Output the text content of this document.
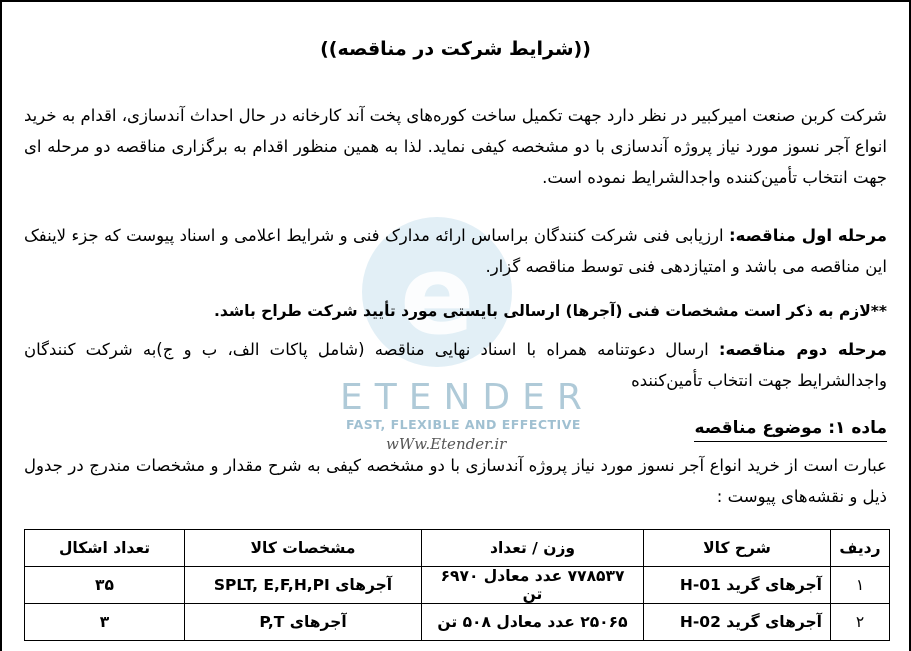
e
ETENDER
FAST, FLEXIBLE AND EFFECTIVE
wWw.Etender.ir
((شرایط شرکت در مناقصه))
شرکت کربن صنعت امیرکبیر در نظر دارد جهت تکمیل ساخت کوره‌های پخت آند کارخانه در حال احداث آندسازی، اقدام به خرید انواع آجر نسوز مورد نیاز پروژه آندسازی با دو مشخصه کیفی نماید. لذا به همین منظور اقدام به برگزاری مناقصه دو مرحله ای جهت انتخاب تأمین‌کننده واجدالشرایط نموده است.
مرحله اول مناقصه: ارزیابی فنی شرکت کنندگان براساس ارائه مدارک فنی و شرایط اعلامی و اسناد پیوست که جزء لاینفک این مناقصه می باشد و امتیازدهی فنی توسط مناقصه گزار.
**لازم به ذکر است مشخصات فنی (آجرها) ارسالی بایستی مورد تأیید شرکت طراح باشد.
مرحله دوم مناقصه: ارسال دعوتنامه همراه با اسناد نهایی مناقصه (شامل پاکات الف، ب و ج)به شرکت کنندگان واجدالشرایط جهت انتخاب تأمین‌کننده
ماده ۱: موضوع مناقصه
عبارت است از خرید انواع آجر نسوز مورد نیاز پروژه آندسازی با دو مشخصه کیفی به شرح مقدار و مشخصات مندرج در جدول ذیل و نقشه‌های پیوست :
ردیف	شرح کالا	وزن / تعداد	مشخصات کالا	تعداد اشکال
۱	آجرهای گرید H-01	۷۷۸۵۳۷ عدد معادل ۶۹۷۰ تن	آجرهای SPLT, E,F,H,PI	۳۵
۲	آجرهای گرید H-02	۲۵۰۶۵ عدد معادل ۵۰۸ تن	آجرهای P,T	۳
